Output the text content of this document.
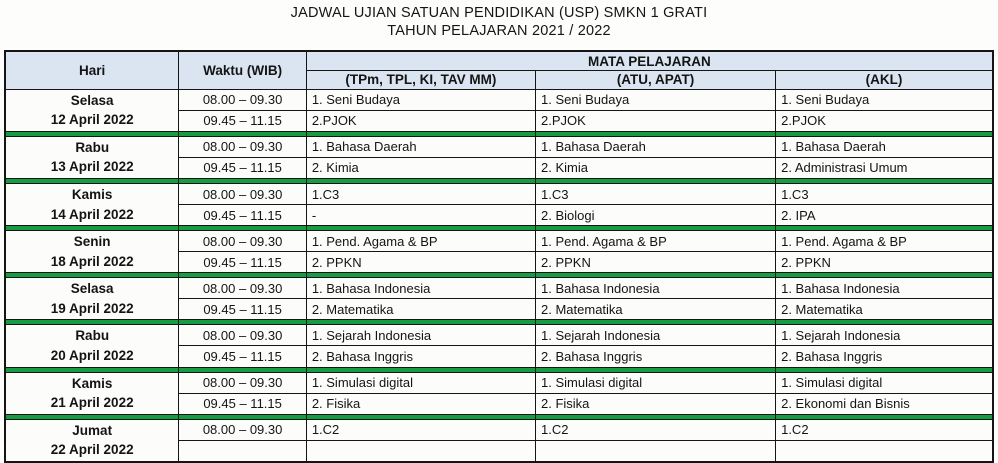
JADWAL UJIAN SATUAN PENDIDIKAN (USP) SMKN 1 GRATI
TAHUN PELAJARAN 2021 / 2022
Hari	Waktu (WIB)	MATA PELAJARAN		
		(TPm, TPL, KI, TAV MM)	(ATU, APAT)	(AKL)

Selasa
12 April 2022	08.00 – 09.30	1. Seni Budaya	1. Seni Budaya	1. Seni Budaya
	09.45 – 11.15	2.PJOK	2.PJOK	2.PJOK

Rabu
13 April 2022	08.00 – 09.30	1. Bahasa Daerah	1. Bahasa Daerah	1. Bahasa Daerah
	09.45 – 11.15	2. Kimia	2. Kimia	2. Administrasi Umum

Kamis
14 April 2022	08.00 – 09.30	1.C3	1.C3	1.C3
	09.45 – 11.15	-	2. Biologi	2. IPA

Senin
18 April 2022	08.00 – 09.30	1. Pend. Agama & BP	1. Pend. Agama & BP	1. Pend. Agama & BP
	09.45 – 11.15	2. PPKN	2. PPKN	2. PPKN

Selasa
19 April 2022	08.00 – 09.30	1. Bahasa Indonesia	1. Bahasa Indonesia	1. Bahasa Indonesia
	09.45 – 11.15	2. Matematika	2. Matematika	2. Matematika

Rabu
20 April 2022	08.00 – 09.30	1. Sejarah Indonesia	1. Sejarah Indonesia	1. Sejarah Indonesia
	09.45 – 11.15	2. Bahasa Inggris	2. Bahasa Inggris	2. Bahasa Inggris

Kamis
21 April 2022	08.00 – 09.30	1. Simulasi digital	1. Simulasi digital	1. Simulasi digital
	09.45 – 11.15	2. Fisika	2. Fisika	2. Ekonomi dan Bisnis

Jumat
22 April 2022	08.00 – 09.30	1.C2	1.C2	1.C2
